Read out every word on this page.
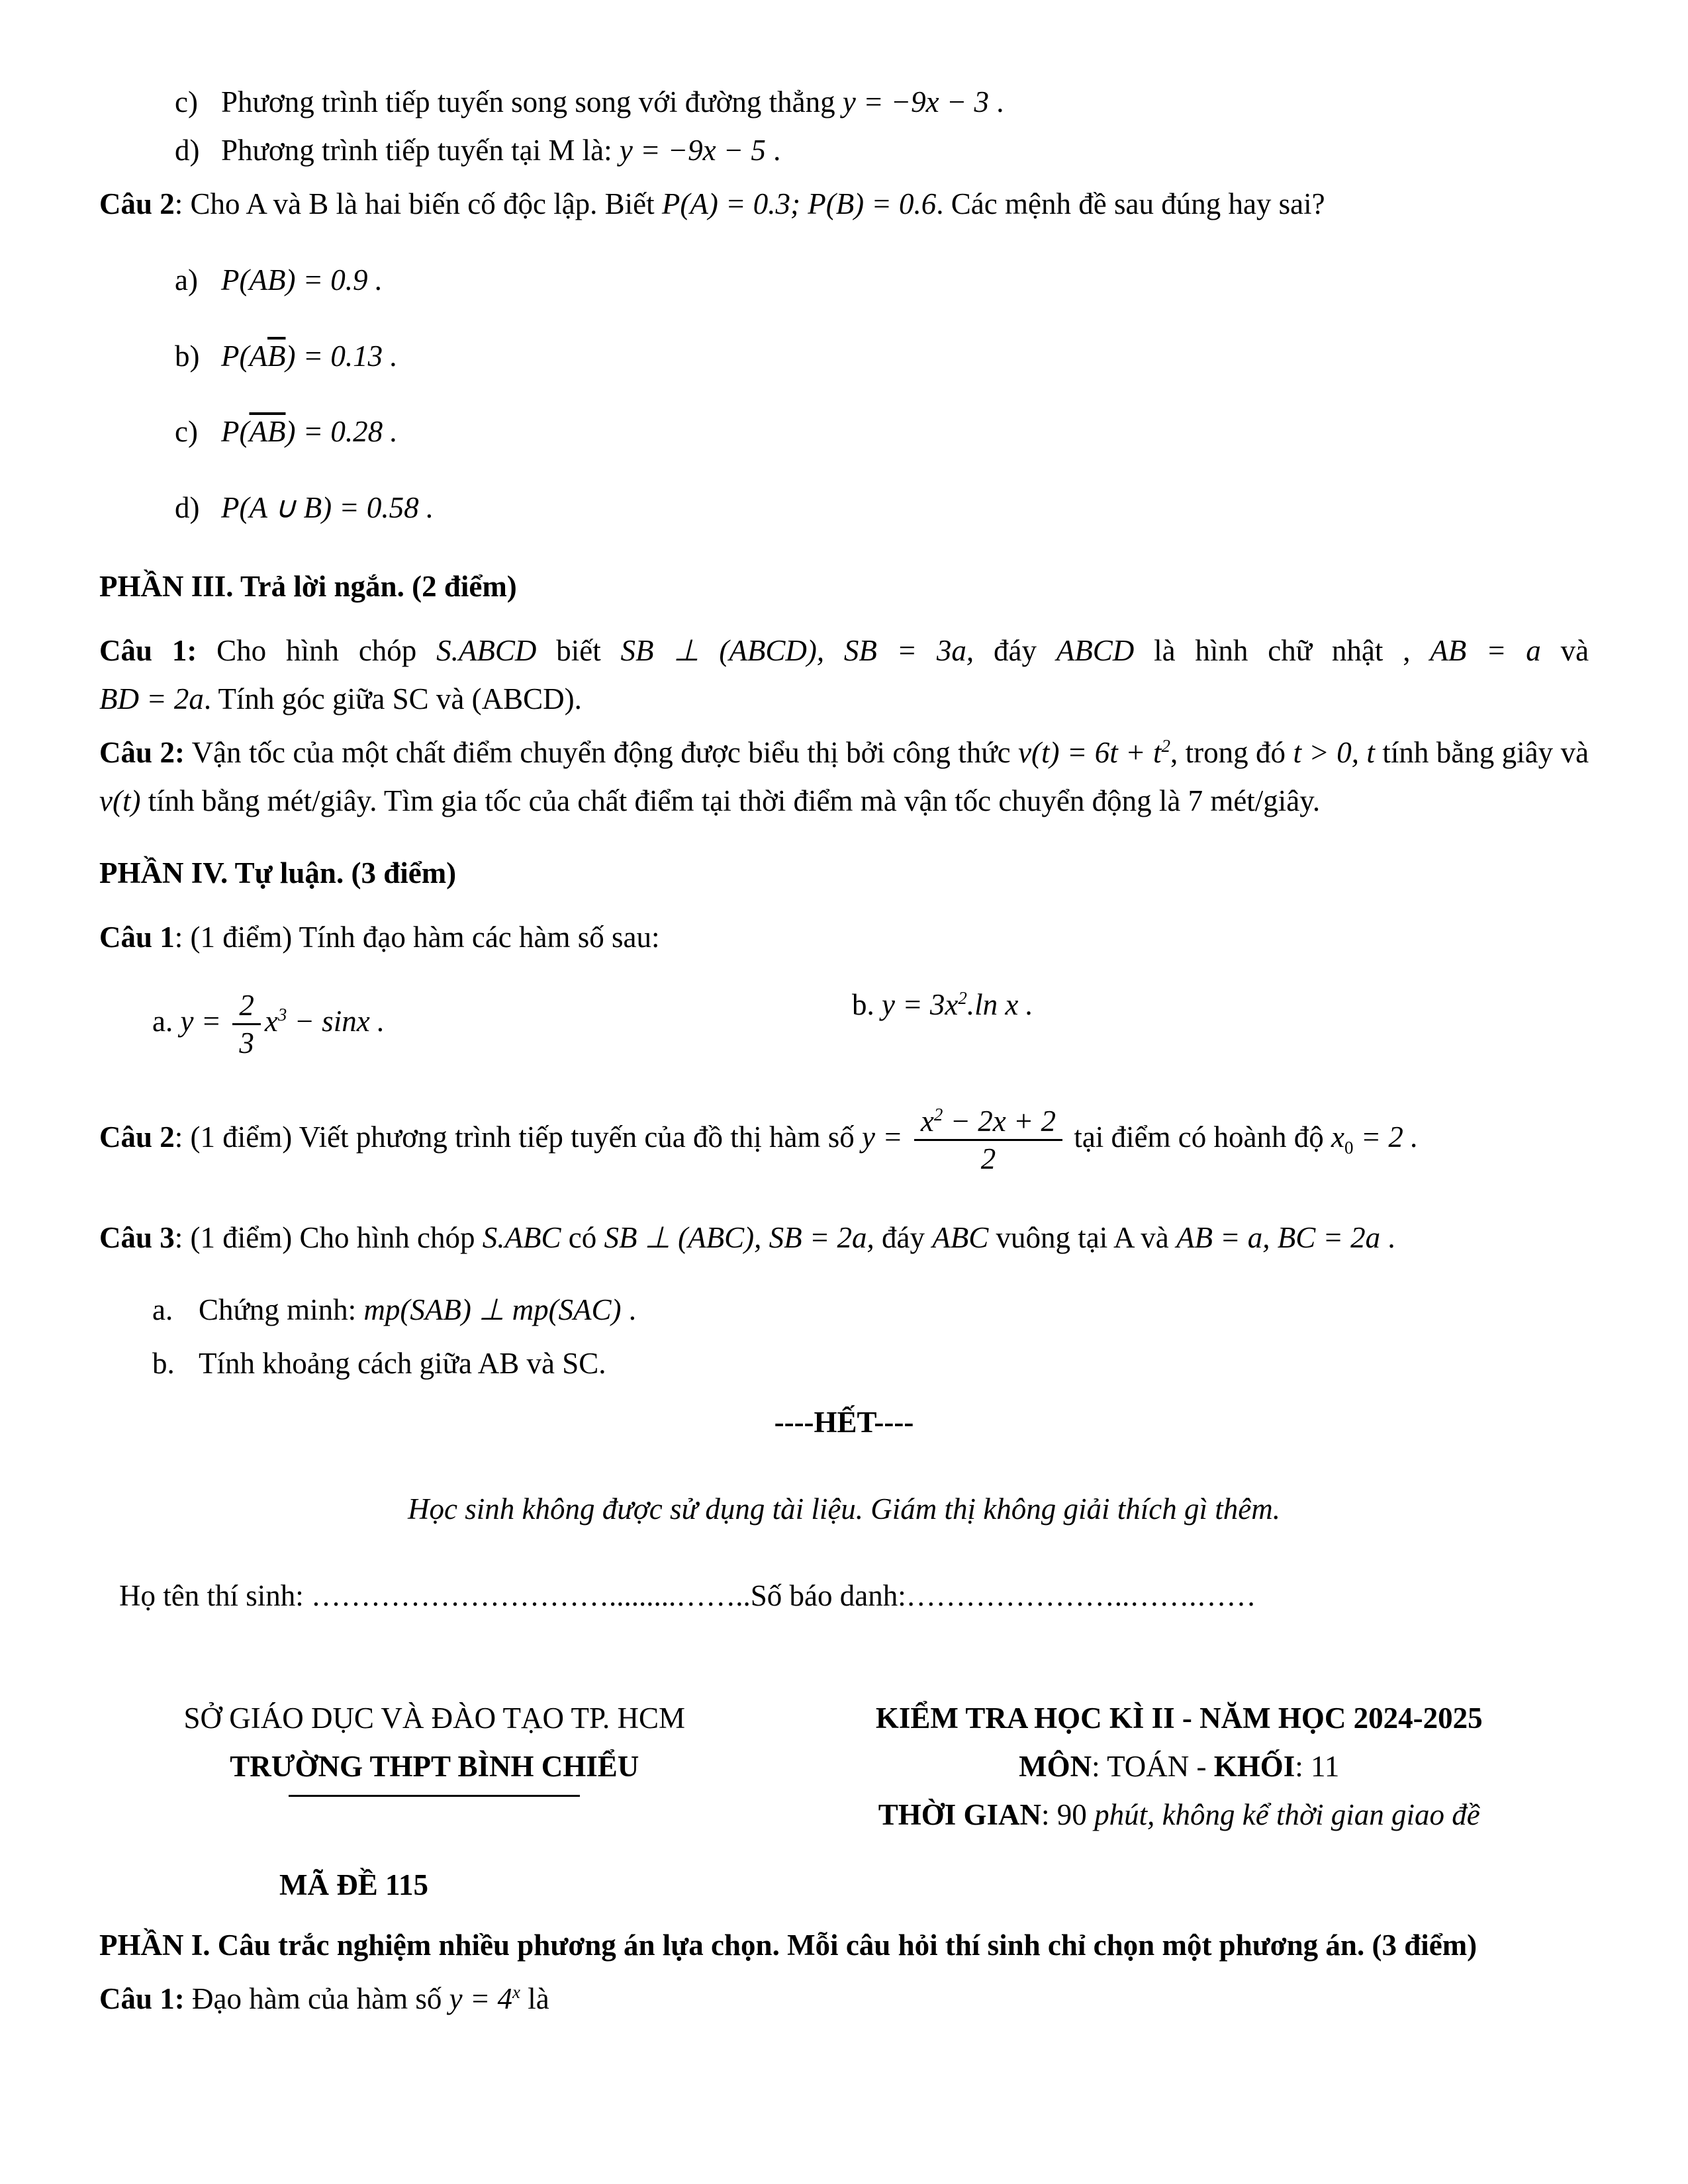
c) Phương trình tiếp tuyến song song với đường thẳng y = −9x − 3 .
d) Phương trình tiếp tuyến tại M là: y = −9x − 5 .
Câu 2: Cho A và B là hai biến cố độc lập. Biết P(A) = 0.3; P(B) = 0.6. Các mệnh đề sau đúng hay sai?
a) P(AB) = 0.9 .
b) $P(A\overline{B}) = 0.13$ .
c) $P(\overline{AB}) = 0.28$ .
d) P(A ∪ B) = 0.58 .
PHẦN III. Trả lời ngắn. (2 điểm)
Câu 1: Cho hình chóp S.ABCD biết SB ⊥ (ABCD), SB = 3a, đáy ABCD là hình chữ nhật , AB = a và
BD = 2a. Tính góc giữa SC và (ABCD).
Câu 2: Vận tốc của một chất điểm chuyển động được biểu thị bởi công thức $v(t) = 6t + t^2$, trong đó t > 0, t tính bằng giây và v(t) tính bằng mét/giây. Tìm gia tốc của chất điểm tại thời điểm mà vận tốc chuyển động là 7 mét/giây.
PHẦN IV. Tự luận. (3 điểm)
Câu 1: (1 điểm) Tính đạo hàm các hàm số sau:
a. $y = \frac{2}{3} x^3 - \sin x$ .	b. $y = 3x^2.\ln$ x .
Câu 2: (1 điểm) Viết phương trình tiếp tuyến của đồ thị hàm số $y = \frac{x^2 - 2x + 2}{2}$ tại điểm có hoành độ $x_0 = 2$ .
Câu 3: (1 điểm) Cho hình chóp S.ABC có SB ⊥ (ABC), SB = 2a, đáy ABC vuông tại A và AB = a, BC = 2a .
a. Chứng minh: mp(SAB) ⊥ mp(SAC) .
b. Tính khoảng cách giữa AB và SC.
----HẾT----
Học sinh không được sử dụng tài liệu. Giám thị không giải thích gì thêm.
Họ tên thí sinh: ………………………….........……..Số báo danh:…………………..…….……
SỞ GIÁO DỤC VÀ ĐÀO TẠO TP. HCM
TRƯỜNG THPT BÌNH CHIỂU
KIỂM TRA HỌC KÌ II - NĂM HỌC 2024-2025
MÔN: TOÁN - KHỐI: 11
THỜI GIAN: 90 phút, không kể thời gian giao đề
MÃ ĐỀ 115
PHẦN I. Câu trắc nghiệm nhiều phương án lựa chọn. Mỗi câu hỏi thí sinh chỉ chọn một phương án. (3 điểm)
Câu 1: Đạo hàm của hàm số $y = 4^x$ là
